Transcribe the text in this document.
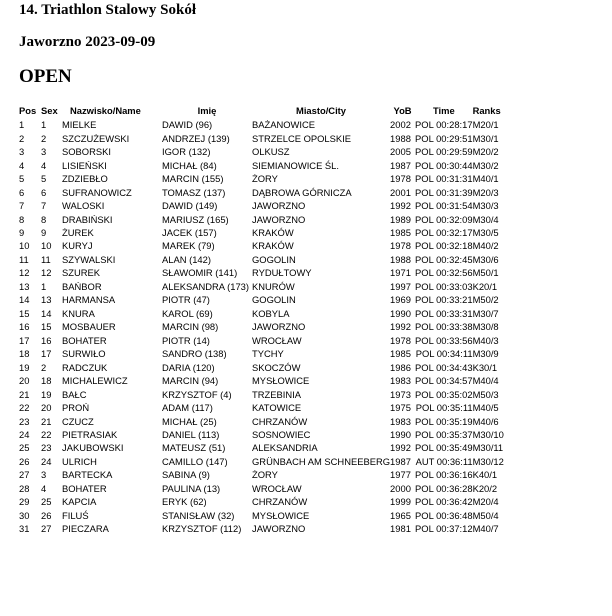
14. Triathlon Stalowy Sokół
Jaworzno 2023-09-09
OPEN
Pos	Sex	Nazwisko/Name	Imię	Miasto/City	YoB	Time	Ranks
1	1	MIELKE	DAWID (96)	BAŻANOWICE	2002	POL 00:28:17	M20/1
2	2	SZCZUŻEWSKI	ANDRZEJ (139)	STRZELCE OPOLSKIE	1988	POL 00:29:51	M30/1
3	3	SOBORSKI	IGOR (132)	OLKUSZ	2005	POL 00:29:59	M20/2
4	4	LISIEŃSKI	MICHAŁ (84)	SIEMIANOWICE ŚL.	1987	POL 00:30:44	M30/2
5	5	ZDZIEBŁO	MARCIN (155)	ŻORY	1978	POL 00:31:31	M40/1
6	6	SUFRANOWICZ	TOMASZ (137)	DĄBROWA GÓRNICZA	2001	POL 00:31:39	M20/3
7	7	WALOSKI	DAWID (149)	JAWORZNO	1992	POL 00:31:54	M30/3
8	8	DRABIŃSKI	MARIUSZ (165)	JAWORZNO	1989	POL 00:32:09	M30/4
9	9	ŻUREK	JACEK (157)	KRAKÓW	1985	POL 00:32:17	M30/5
10	10	KURYJ	MAREK (79)	KRAKÓW	1978	POL 00:32:18	M40/2
11	11	SZYWALSKI	ALAN (142)	GOGOLIN	1988	POL 00:32:45	M30/6
12	12	SZUREK	SŁAWOMIR (141)	RYDUŁTOWY	1971	POL 00:32:56	M50/1
13	1	BAŃBOR	ALEKSANDRA (173)	KNURÓW	1997	POL 00:33:03	K20/1
14	13	HARMANSA	PIOTR (47)	GOGOLIN	1969	POL 00:33:21	M50/2
15	14	KNURA	KAROL (69)	KOBYLA	1990	POL 00:33:31	M30/7
16	15	MOSBAUER	MARCIN (98)	JAWORZNO	1992	POL 00:33:38	M30/8
17	16	BOHATER	PIOTR (14)	WROCŁAW	1978	POL 00:33:56	M40/3
18	17	SURWIŁO	SANDRO (138)	TYCHY	1985	POL 00:34:11	M30/9
19	2	RADCZUK	DARIA (120)	SKOCZÓW	1986	POL 00:34:43	K30/1
20	18	MICHALEWICZ	MARCIN (94)	MYSŁOWICE	1983	POL 00:34:57	M40/4
21	19	BAŁC	KRZYSZTOF (4)	TRZEBINIA	1973	POL 00:35:02	M50/3
22	20	PROŃ	ADAM (117)	KATOWICE	1975	POL 00:35:11	M40/5
23	21	CZUCZ	MICHAŁ (25)	CHRZANÓW	1983	POL 00:35:19	M40/6
24	22	PIETRASIAK	DANIEL (113)	SOSNOWIEC	1990	POL 00:35:37	M30/10
25	23	JAKUBOWSKI	MATEUSZ (51)	ALEKSANDRIA	1992	POL 00:35:49	M30/11
26	24	ULRICH	CAMILLO (147)	GRÜNBACH AM SCHNEEBERG	1987	AUT 00:36:11	M30/12
27	3	BARTECKA	SABINA (9)	ŻORY	1977	POL 00:36:16	K40/1
28	4	BOHATER	PAULINA (13)	WROCŁAW	2000	POL 00:36:28	K20/2
29	25	KAPCIA	ERYK (62)	CHRZANÓW	1999	POL 00:36:42	M20/4
30	26	FILUŚ	STANISŁAW (32)	MYSŁOWICE	1965	POL 00:36:48	M50/4
31	27	PIECZARA	KRZYSZTOF (112)	JAWORZNO	1981	POL 00:37:12	M40/7
